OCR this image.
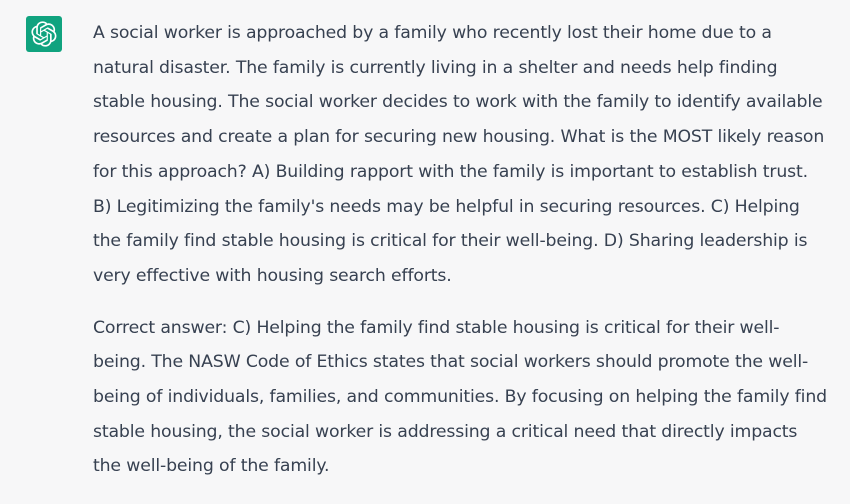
A social worker is approached by a family who recently lost their home due to a natural disaster. The family is currently living in a shelter and needs help finding stable housing. The social worker decides to work with the family to identify available resources and create a plan for securing new housing. What is the MOST likely reason for this approach? A) Building rapport with the family is important to establish trust. B) Legitimizing the family's needs may be helpful in securing resources. C) Helping the family find stable housing is critical for their well-being. D) Sharing leadership is very effective with housing search efforts.

Correct answer: C) Helping the family find stable housing is critical for their well-being. The NASW Code of Ethics states that social workers should promote the well-being of individuals, families, and communities. By focusing on helping the family find stable housing, the social worker is addressing a critical need that directly impacts the well-being of the family.
